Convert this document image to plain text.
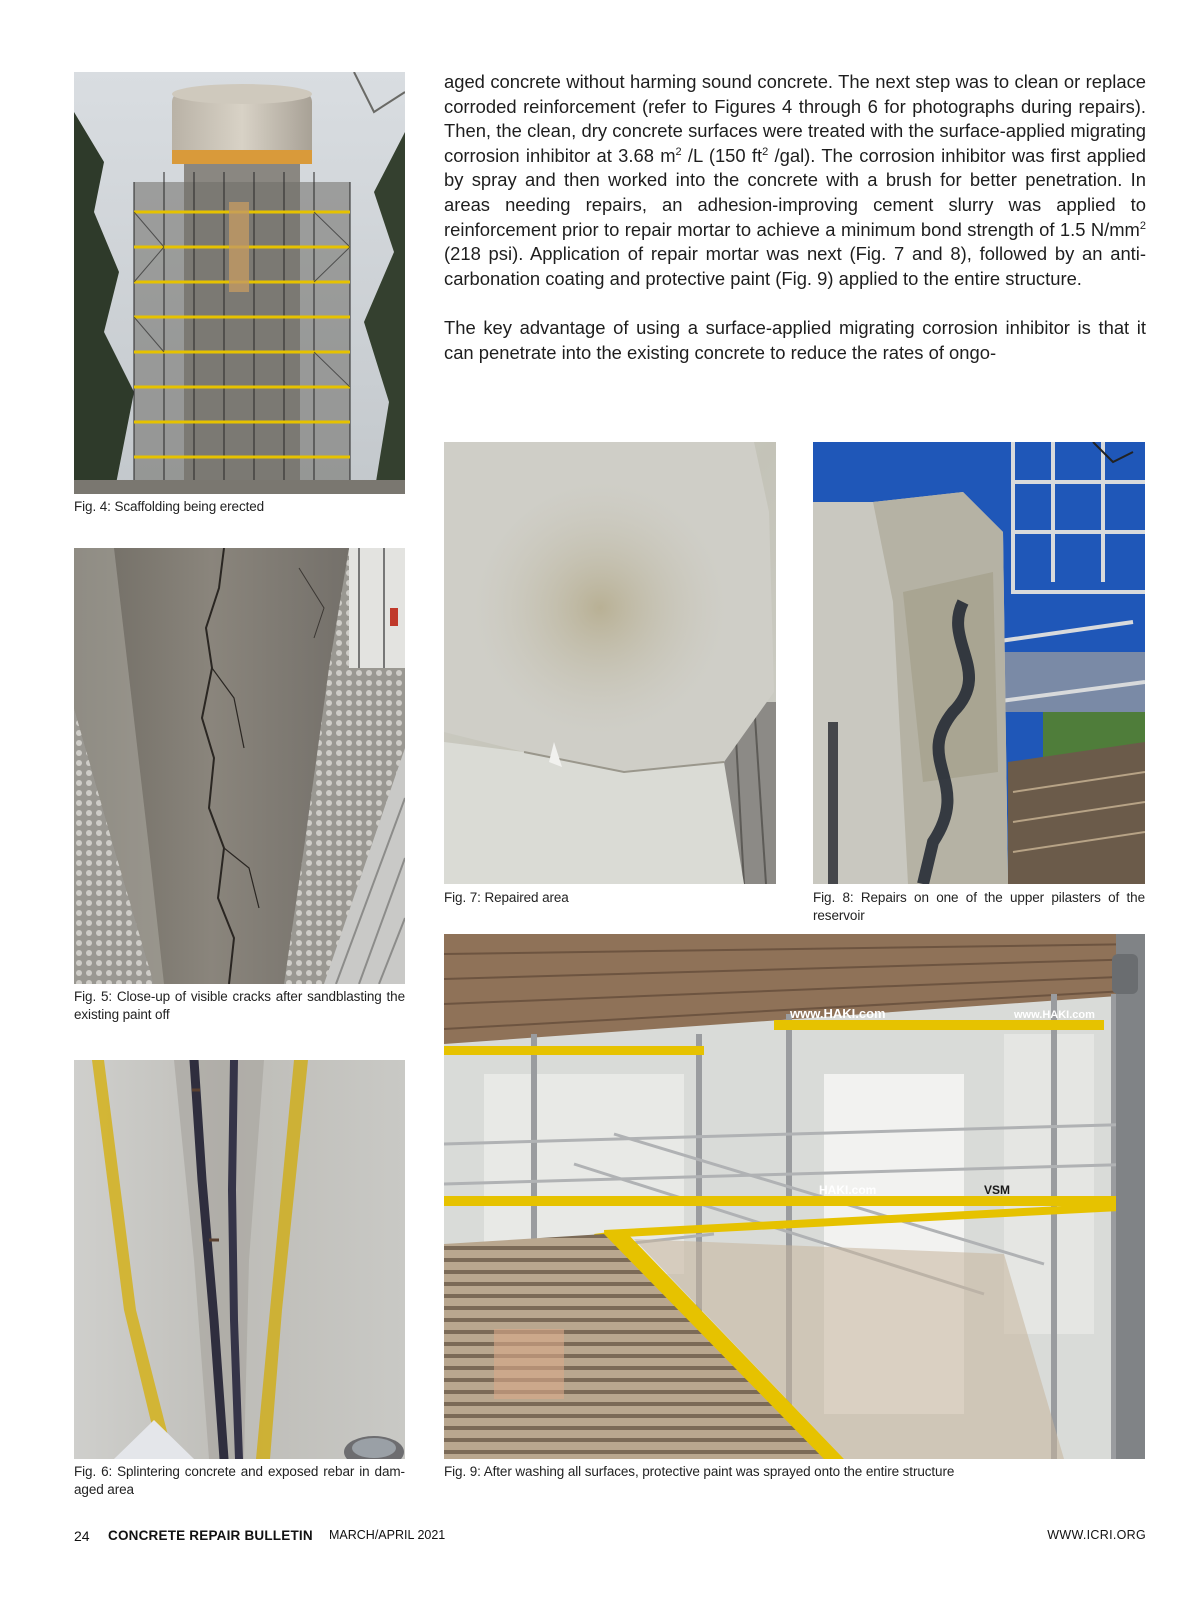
aged concrete without harming sound concrete. The next step was to clean or replace corroded reinforcement (refer to Figures 4 through 6 for photographs during repairs). Then, the clean, dry concrete surfaces were treated with the surface-applied migrating corrosion inhibitor at 3.68 $m^2$ /L (150 $ft^2$ /gal). The corrosion inhibitor was first applied by spray and then worked into the concrete with a brush for better penetration. In areas needing repairs, an adhesion-improving cement slurry was applied to reinforcement prior to repair mortar to achieve a minimum bond strength of 1.5 $N/mm^2$ (218 psi). Application of repair mortar was next (Fig. 7 and 8), followed by an anti-carbonation coating and protective paint (Fig. 9) applied to the entire structure.

The key advantage of using a surface-applied migrating corrosion inhibitor is that it can penetrate into the existing concrete to reduce the rates of ongo-

Fig. 4: Scaffolding being erected
Fig. 5: Close-up of visible cracks after sandblasting the existing paint off
Fig. 6: Splintering concrete and exposed rebar in damaged area
Fig. 7: Repaired area	Fig. 8: Repairs on one of the upper pilasters of the reservoir
www.HAKI.com	www.HAKI.com
HAKI.com	VSM
Fig. 9: After washing all surfaces, protective paint was sprayed onto the entire structure
24 CONCRETE REPAIR BULLETIN MARCH/APRIL 2021	WWW.ICRI.ORG
